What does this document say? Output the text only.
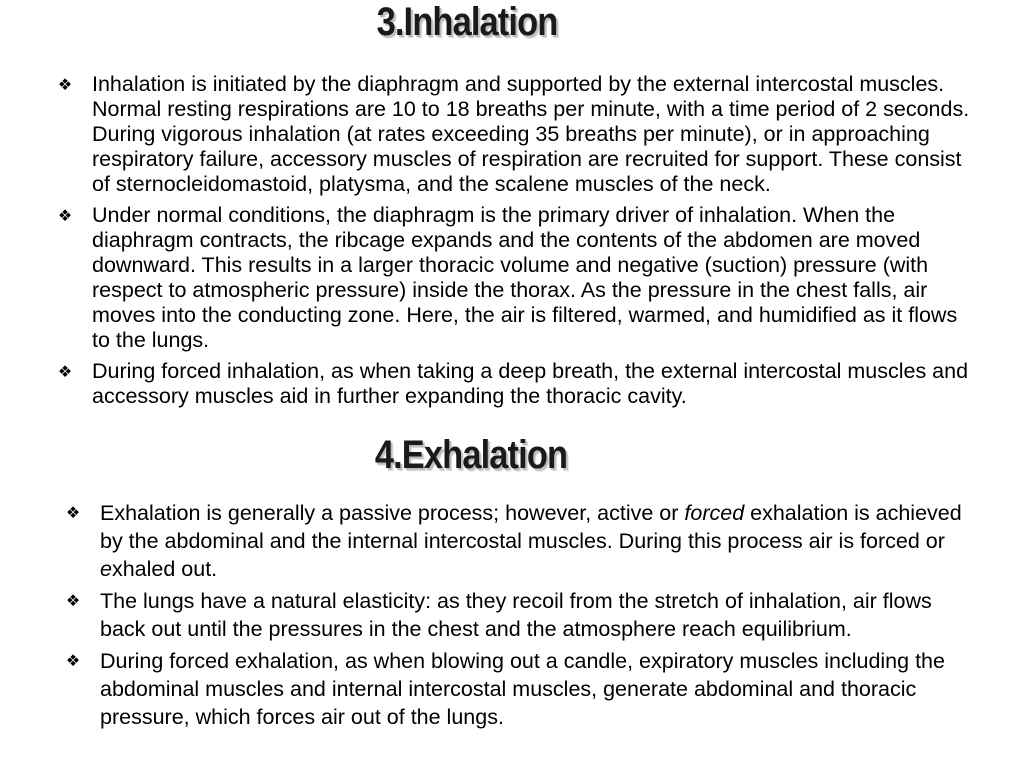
3.Inhalation
❖ Inhalation is initiated by the diaphragm and supported by the external intercostal muscles. Normal resting respirations are 10 to 18 breaths per minute, with a time period of 2 seconds. During vigorous inhalation (at rates exceeding 35 breaths per minute), or in approaching respiratory failure, accessory muscles of respiration are recruited for support. These consist of sternocleidomastoid, platysma, and the scalene muscles of the neck.
❖ Under normal conditions, the diaphragm is the primary driver of inhalation. When the diaphragm contracts, the ribcage expands and the contents of the abdomen are moved downward. This results in a larger thoracic volume and negative (suction) pressure (with respect to atmospheric pressure) inside the thorax. As the pressure in the chest falls, air moves into the conducting zone. Here, the air is filtered, warmed, and humidified as it flows to the lungs.
❖ During forced inhalation, as when taking a deep breath, the external intercostal muscles and accessory muscles aid in further expanding the thoracic cavity.
4.Exhalation
❖ Exhalation is generally a passive process; however, active or forced exhalation is achieved by the abdominal and the internal intercostal muscles. During this process air is forced or exhaled out.
❖ The lungs have a natural elasticity: as they recoil from the stretch of inhalation, air flows back out until the pressures in the chest and the atmosphere reach equilibrium.
❖ During forced exhalation, as when blowing out a candle, expiratory muscles including the abdominal muscles and internal intercostal muscles, generate abdominal and thoracic pressure, which forces air out of the lungs.
